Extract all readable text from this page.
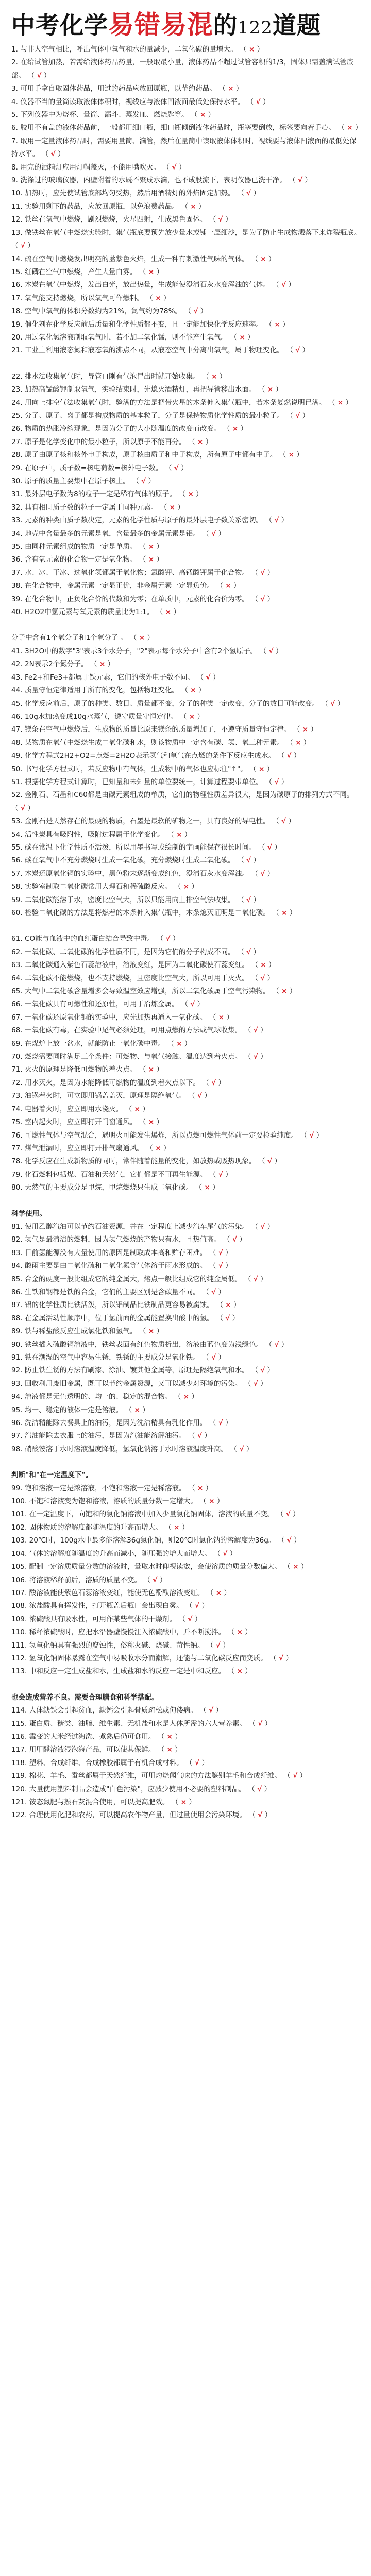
中考化学易错易混的122道题
1. 与非人空气相比，呼出气体中氧气和水的量减少，二氧化碳的量增大。 （ × ）
2. 在给试管加热，若需给液体药品药量，一般取最小量，液体药品不超过试管容积的1/3，固体只需盖满试管底部。 （ √ ）
3. 可用手拿自取固体药品，用过的药品应放回原瓶，以节约药品。 （ × ）
4. 仪器不当的量筒读取液体体积时，视线应与液体凹液面最低处保持水平。 （ √ ）
5. 下列仪器中为烧杯、量筒、漏斗、蒸发皿、燃烧匙等。 （ × ）
6. 胶用不有盖的液体药品前，一般都用细口瓶，细口瓶倾倒液体药品时，瓶塞要倒放，标签要向着手心。 （ × ）
7. 取用一定量液体药品时，需要用量筒、滴管，然后在量筒中读取液体体积时，视线要与液体凹液面的最低处保持水平。 （ √ ）
8. 用完的酒精灯应用灯帽盖灭，不能用嘴吹灭。 （ √ ）
9. 洗涤过的玻璃仪器，内壁附着的水既不聚成水滴，也不成股流下，表明仪器已洗干净。 （ √ ）
10. 加热时，应先使试管底部均匀受热，然后用酒精灯的外焰固定加热。 （ √ ）
11. 实验用剩下的药品，应放回原瓶，以免浪费药品。 （ × ）
12. 铁丝在氧气中燃烧，剧烈燃烧，火星四射，生成黑色固体。 （ √ ）
13. 做铁丝在氧气中燃烧实验时，集气瓶底要预先放少量水或铺一层细沙，是为了防止生成物溅落下来炸裂瓶底。 （ √ ）
14. 硫在空气中燃烧发出明亮的蓝紫色火焰，生成一种有刺激性气味的气体。 （ × ）
15. 红磷在空气中燃烧，产生大量白雾。 （ × ）
16. 木炭在氧气中燃烧，发出白光，放出热量，生成能使澄清石灰水变浑浊的气体。 （ √ ）
17. 氧气能支持燃烧，所以氧气可作燃料。 （ × ）
18. 空气中氧气的体积分数约为21%，氮气约为78%。 （ √ ）
19. 催化剂在化学反应前后质量和化学性质都不变，且一定能加快化学反应速率。 （ × ）
20. 用过氧化氢溶液制取氧气时，若不加二氧化锰，则不能产生氧气。 （ × ）
21. 工业上利用液态氮和液态氧的沸点不同，从液态空气中分离出氧气，属于物理变化。 （ √ ）
22. 排水法收集氧气时，导管口刚有气泡冒出时就开始收集。 （ × ）
23. 加热高锰酸钾制取氧气，实验结束时，先熄灭酒精灯，再把导管移出水面。 （ × ）
24. 用向上排空气法收集氧气时，验满的方法是把带火星的木条伸入集气瓶中，若木条复燃说明已满。 （ × ）
25. 分子、原子、离子都是构成物质的基本粒子，分子是保持物质化学性质的最小粒子。 （ √ ）
26. 物质的热胀冷缩现象，是因为分子的大小随温度的改变而改变。 （ × ）
27. 原子是化学变化中的最小粒子，所以原子不能再分。 （ × ）
28. 原子由原子核和核外电子构成，原子核由质子和中子构成，所有原子中都有中子。 （ × ）
29. 在原子中，质子数=核电荷数=核外电子数。 （ √ ）
30. 原子的质量主要集中在原子核上。 （ √ ）
31. 最外层电子数为8的粒子一定是稀有气体的原子。 （ × ）
32. 具有相同质子数的粒子一定属于同种元素。 （ × ）
33. 元素的种类由质子数决定，元素的化学性质与原子的最外层电子数关系密切。 （ √ ）
34. 地壳中含量最多的元素是氧，含量最多的金属元素是铝。 （ √ ）
35. 由同种元素组成的物质一定是单质。 （ × ）
36. 含有氧元素的化合物一定是氧化物。 （ × ）
37. 水、冰、干冰、过氧化氢都属于氧化物；氯酸钾、高锰酸钾属于化合物。 （ √ ）
38. 在化合物中，金属元素一定显正价，非金属元素一定显负价。 （ × ）
39. 在化合物中，正负化合价的代数和为零；在单质中，元素的化合价为零。 （ √ ）
40. H2O2中氢元素与氧元素的质量比为1:1。 （ × ）
分子中含有1个氧分子和1个氧分子 。 （ × ）
41. 3H2O中的数字"3"表示3个水分子，"2"表示每个水分子中含有2个氢原子。 （ √ ）
42. 2N表示2个氮分子。 （ × ）
43. Fe2+和Fe3+都属于铁元素，它们的核外电子数不同。 （ √ ）
44. 质量守恒定律适用于所有的变化，包括物理变化。 （ × ）
45. 化学反应前后，原子的种类、数目、质量都不变，分子的种类一定改变，分子的数目可能改变。 （ √ ）
46. 10g水加热变成10g水蒸气，遵守质量守恒定律。 （ × ）
47. 镁条在空气中燃烧后，生成物的质量比原来镁条的质量增加了，不遵守质量守恒定律。 （ × ）
48. 某物质在氧气中燃烧生成二氧化碳和水，则该物质中一定含有碳、氢、氧三种元素。 （ × ）
49. 化学方程式2H2+O2=点燃=2H2O表示氢气和氧气在点燃的条件下反应生成水。 （ √ ）
50. 书写化学方程式时，若反应物中有气体，生成物中的气体也应标注"↑"。 （ × ）
51. 根据化学方程式计算时，已知量和未知量的单位要统一，计算过程要带单位。 （ √ ）
52. 金刚石、石墨和C60都是由碳元素组成的单质，它们的物理性质差异很大，是因为碳原子的排列方式不同。 （ √ ）
53. 金刚石是天然存在的最硬的物质，石墨是最软的矿物之一，具有良好的导电性。 （ √ ）
54. 活性炭具有吸附性，吸附过程属于化学变化。 （ × ）
55. 碳在常温下化学性质不活泼，所以用墨书写或绘制的字画能保存很长时间。 （ √ ）
56. 碳在氧气中不充分燃烧时生成一氧化碳，充分燃烧时生成二氧化碳。 （ √ ）
57. 木炭还原氧化铜的实验中，黑色粉末逐渐变成红色，澄清石灰水变浑浊。 （ √ ）
58. 实验室制取二氧化碳常用大理石和稀硫酸反应。 （ × ）
59. 二氧化碳能溶于水，密度比空气大，所以只能用向上排空气法收集。 （ √ ）
60. 检验二氧化碳的方法是将燃着的木条伸入集气瓶中，木条熄灭证明是二氧化碳。 （ × ）
61. CO能与血液中的血红蛋白结合导致中毒。 （ √ ）
62. 一氧化碳、二氧化碳的化学性质不同，是因为它们的分子构成不同。 （ √ ）
63. 二氧化碳通入紫色石蕊溶液中，溶液变红，是因为二氧化碳使石蕊变红。 （ × ）
64. 二氧化碳不能燃烧，也不支持燃烧，且密度比空气大，所以可用于灭火。 （ √ ）
65. 大气中二氧化碳含量增多会导致温室效应增强，所以二氧化碳属于空气污染物。 （ × ）
66. 一氧化碳具有可燃性和还原性，可用于冶炼金属。 （ √ ）
67. 一氧化碳还原氧化铜的实验中，应先加热再通入一氧化碳。 （ × ）
68. 一氧化碳有毒，在实验中尾气必须处理，可用点燃的方法或气球收集。 （ √ ）
69. 在煤炉上放一盆水，就能防止一氧化碳中毒。 （ × ）
70. 燃烧需要同时满足三个条件：可燃物、与氧气接触、温度达到着火点。 （ √ ）
71. 灭火的原理是降低可燃物的着火点。 （ × ）
72. 用水灭火，是因为水能降低可燃物的温度到着火点以下。 （ √ ）
73. 油锅着火时，可立即用锅盖盖灭，原理是隔绝氧气。 （ √ ）
74. 电器着火时，应立即用水浇灭。 （ × ）
75. 室内起火时，应立即打开门窗通风。 （ × ）
76. 可燃性气体与空气混合，遇明火可能发生爆炸，所以点燃可燃性气体前一定要检验纯度。 （ √ ）
77. 煤气泄漏时，应立即打开排气扇通风。 （ × ）
78. 化学反应在生成新物质的同时，常伴随着能量的变化，如放热或吸热现象。 （ √ ）
79. 化石燃料包括煤、石油和天然气，它们都是不可再生能源。 （ √ ）
80. 天然气的主要成分是甲烷，甲烷燃烧只生成二氧化碳。 （ × ）
科学使用。
81. 使用乙醇汽油可以节约石油资源，并在一定程度上减少汽车尾气的污染。 （ √ ）
82. 氢气是最清洁的燃料，因为氢气燃烧的产物只有水，且热值高。 （ √ ）
83. 目前氢能源没有大量使用的原因是制取成本高和贮存困难。 （ √ ）
84. 酸雨主要是由二氧化硫和二氧化氮等气体溶于雨水形成的。 （ √ ）
85. 合金的硬度一般比组成它的纯金属大，熔点一般比组成它的纯金属低。 （ √ ）
86. 生铁和钢都是铁的合金，它们的主要区别是含碳量不同。 （ √ ）
87. 铝的化学性质比铁活泼，所以铝制品比铁制品更容易被腐蚀。 （ × ）
88. 在金属活动性顺序中，位于氢前面的金属能置换出酸中的氢。 （ √ ）
89. 铁与稀盐酸反应生成氯化铁和氢气。 （ × ）
90. 铁丝插入硫酸铜溶液中，铁丝表面有红色物质析出，溶液由蓝色变为浅绿色。 （ √ ）
91. 铁在潮湿的空气中容易生锈，铁锈的主要成分是氧化铁。 （ √ ）
92. 防止铁生锈的方法有刷漆、涂油、镀其他金属等，原理是隔绝氧气和水。 （ √ ）
93. 回收利用废旧金属，既可以节约金属资源，又可以减少对环境的污染。 （ √ ）
94. 溶液都是无色透明的、均一的、稳定的混合物。 （ × ）
95. 均一、稳定的液体一定是溶液。 （ × ）
96. 洗洁精能除去餐具上的油污，是因为洗洁精具有乳化作用。 （ √ ）
97. 汽油能除去衣服上的油污，是因为汽油能溶解油污。 （ √ ）
98. 硝酸铵溶于水时溶液温度降低，氢氧化钠溶于水时溶液温度升高。 （ √ ）
判断"和"在一定温度下"。
99. 饱和溶液一定是浓溶液，不饱和溶液一定是稀溶液。 （ × ）
100. 不饱和溶液变为饱和溶液，溶质的质量分数一定增大。 （ × ）
101. 在一定温度下，向饱和的氯化钠溶液中加入少量氯化钠固体，溶液的质量不变。 （ √ ）
102. 固体物质的溶解度都随温度的升高而增大。 （ × ）
103. 20℃时，100g水中最多能溶解36g氯化钠，则20℃时氯化钠的溶解度为36g。 （ √ ）
104. 气体的溶解度随温度的升高而减小，随压强的增大而增大。 （ √ ）
105. 配制一定溶质质量分数的溶液时，量取水时仰视读数，会使溶质的质量分数偏大。 （ × ）
106. 将溶液稀释前后，溶质的质量不变。 （ √ ）
107. 酸溶液能使紫色石蕊溶液变红，能使无色酚酞溶液变红。 （ × ）
108. 浓盐酸具有挥发性，打开瓶盖后瓶口会出现白雾。 （ √ ）
109. 浓硫酸具有吸水性，可用作某些气体的干燥剂。 （ √ ）
110. 稀释浓硫酸时，应把水沿器壁慢慢注入浓硫酸中，并不断搅拌。 （ × ）
111. 氢氧化钠具有强烈的腐蚀性，俗称火碱、烧碱、苛性钠。 （ √ ）
112. 氢氧化钠固体暴露在空气中易吸收水分而潮解，还能与二氧化碳反应而变质。 （ √ ）
113. 中和反应一定生成盐和水，生成盐和水的反应一定是中和反应。 （ × ）
也会造成营养不良。需要合理膳食和科学搭配。
114. 人体缺铁会引起贫血，缺钙会引起骨质疏松或佝偻病。 （ √ ）
115. 蛋白质、糖类、油脂、维生素、无机盐和水是人体所需的六大营养素。 （ √ ）
116. 霉变的大米经过淘洗、煮熟后仍可食用。 （ × ）
117. 用甲醛溶液浸泡海产品，可以使其保鲜。 （ × ）
118. 塑料、合成纤维、合成橡胶都属于有机合成材料。 （ √ ）
119. 棉花、羊毛、蚕丝都属于天然纤维，可用灼烧闻气味的方法鉴别羊毛和合成纤维。 （ √ ）
120. 大量使用塑料制品会造成"白色污染"，应减少使用不必要的塑料制品。 （ √ ）
121. 铵态氮肥与熟石灰混合使用，可以提高肥效。 （ × ）
122. 合理使用化肥和农药，可以提高农作物产量，但过量使用会污染环境。 （ √ ）
